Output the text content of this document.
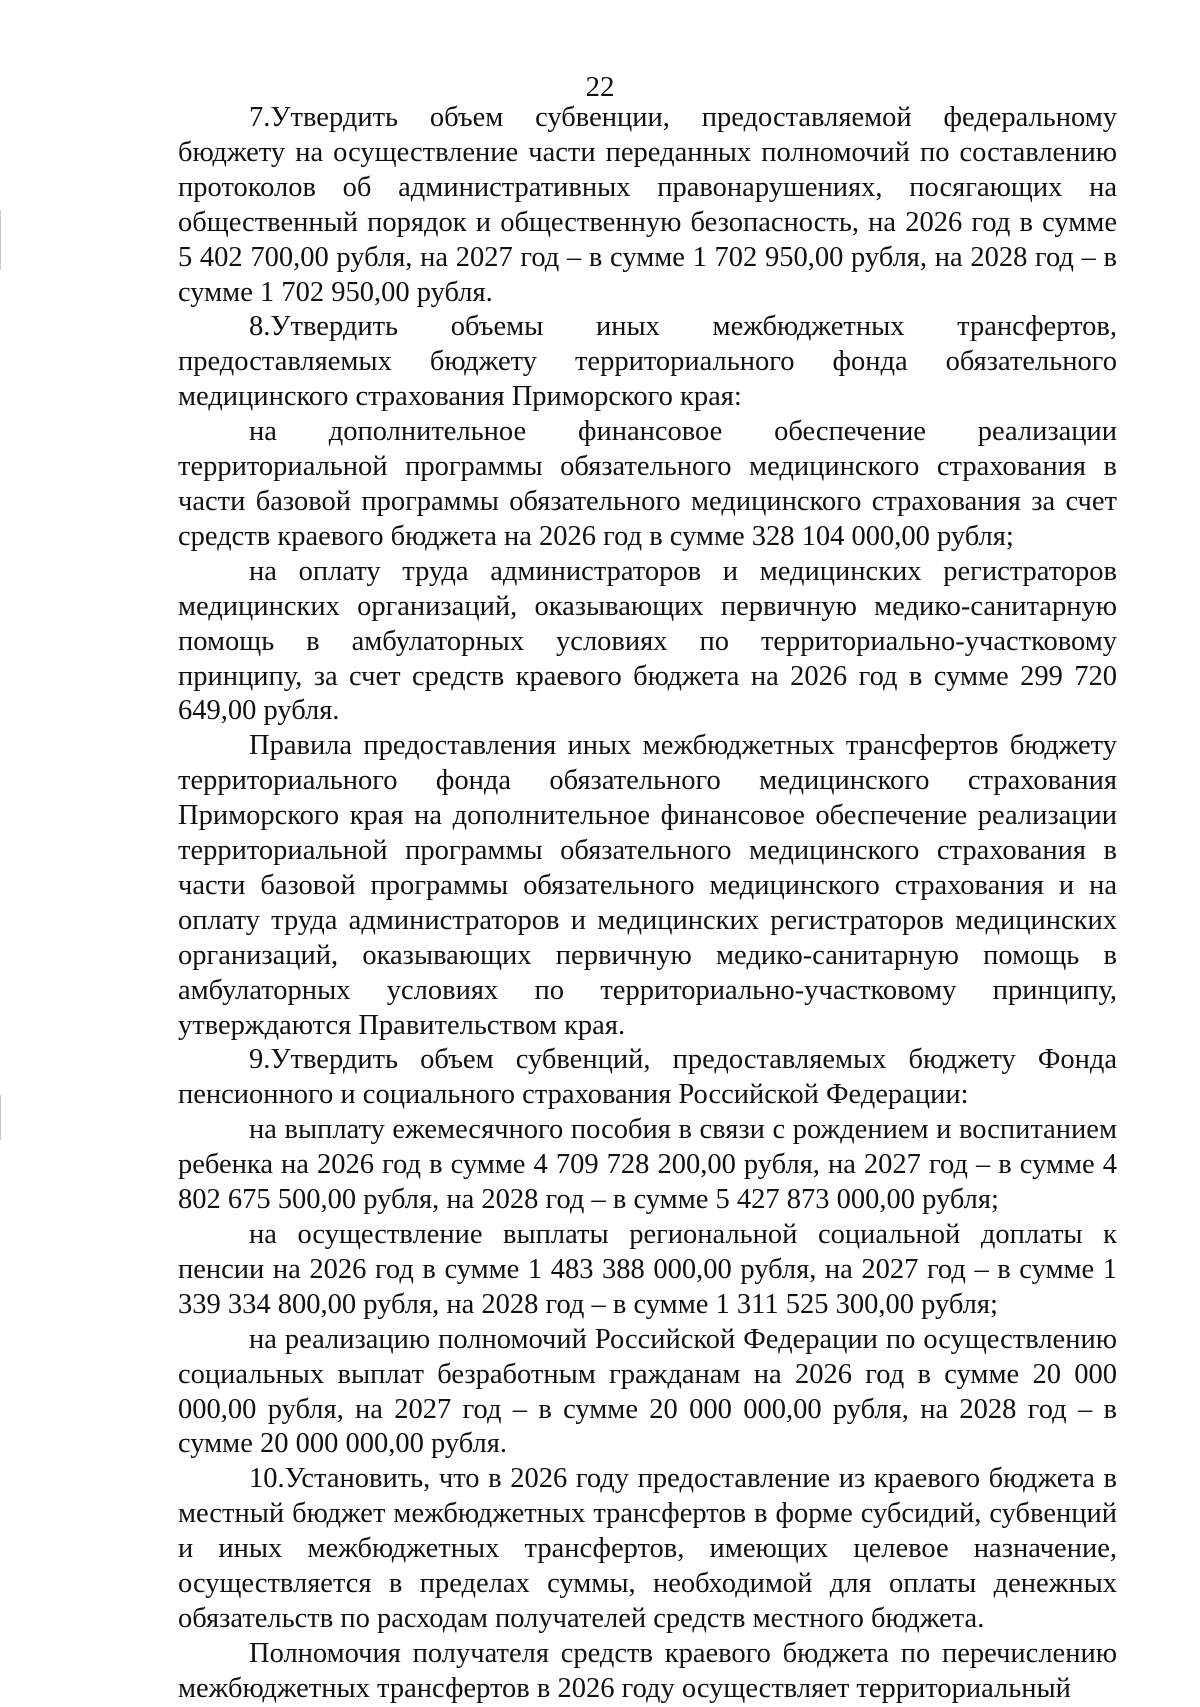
22

7.Утвердить объем субвенции, предоставляемой федеральному бюджету на осуществление части переданных полномочий по составлению протоколов об административных правонарушениях, посягающих на общественный порядок и общественную безопасность, на 2026 год в сумме 5 402 700,00 рубля, на 2027 год – в сумме 1 702 950,00 рубля, на 2028 год – в сумме 1 702 950,00 рубля.

8.Утвердить объемы иных межбюджетных трансфертов, предоставляемых бюджету территориального фонда обязательного медицинского страхования Приморского края:

на дополнительное финансовое обеспечение реализации территориальной программы обязательного медицинского страхования в части базовой программы обязательного медицинского страхования за счет средств краевого бюджета на 2026 год в сумме 328 104 000,00 рубля;

на оплату труда администраторов и медицинских регистраторов медицинских организаций, оказывающих первичную медико-санитарную помощь в амбулаторных условиях по территориально-участковому принципу, за счет средств краевого бюджета на 2026 год в сумме 299 720 649,00 рубля.

Правила предоставления иных межбюджетных трансфертов бюджету территориального фонда обязательного медицинского страхования Приморского края на дополнительное финансовое обеспечение реализации территориальной программы обязательного медицинского страхования в части базовой программы обязательного медицинского страхования и на оплату труда администраторов и медицинских регистраторов медицинских организаций, оказывающих первичную медико-санитарную помощь в амбулаторных условиях по территориально-участковому принципу, утверждаются Правительством края.

9.Утвердить объем субвенций, предоставляемых бюджету Фонда пенсионного и социального страхования Российской Федерации:

на выплату ежемесячного пособия в связи с рождением и воспитанием ребенка на 2026 год в сумме 4 709 728 200,00 рубля, на 2027 год – в сумме 4 802 675 500,00 рубля, на 2028 год – в сумме 5 427 873 000,00 рубля;

на осуществление выплаты региональной социальной доплаты к пенсии на 2026 год в сумме 1 483 388 000,00 рубля, на 2027 год – в сумме 1 339 334 800,00 рубля, на 2028 год – в сумме 1 311 525 300,00 рубля;

на реализацию полномочий Российской Федерации по осуществлению социальных выплат безработным гражданам на 2026 год в сумме 20 000 000,00 рубля, на 2027 год – в сумме 20 000 000,00 рубля, на 2028 год – в сумме 20 000 000,00 рубля.

10.Установить, что в 2026 году предоставление из краевого бюджета в местный бюджет межбюджетных трансфертов в форме субсидий, субвенций и иных межбюджетных трансфертов, имеющих целевое назначение, осуществляется в пределах суммы, необходимой для оплаты денежных обязательств по расходам получателей средств местного бюджета.

Полномочия получателя средств краевого бюджета по перечислению межбюджетных трансфертов в 2026 году осуществляет территориальный
